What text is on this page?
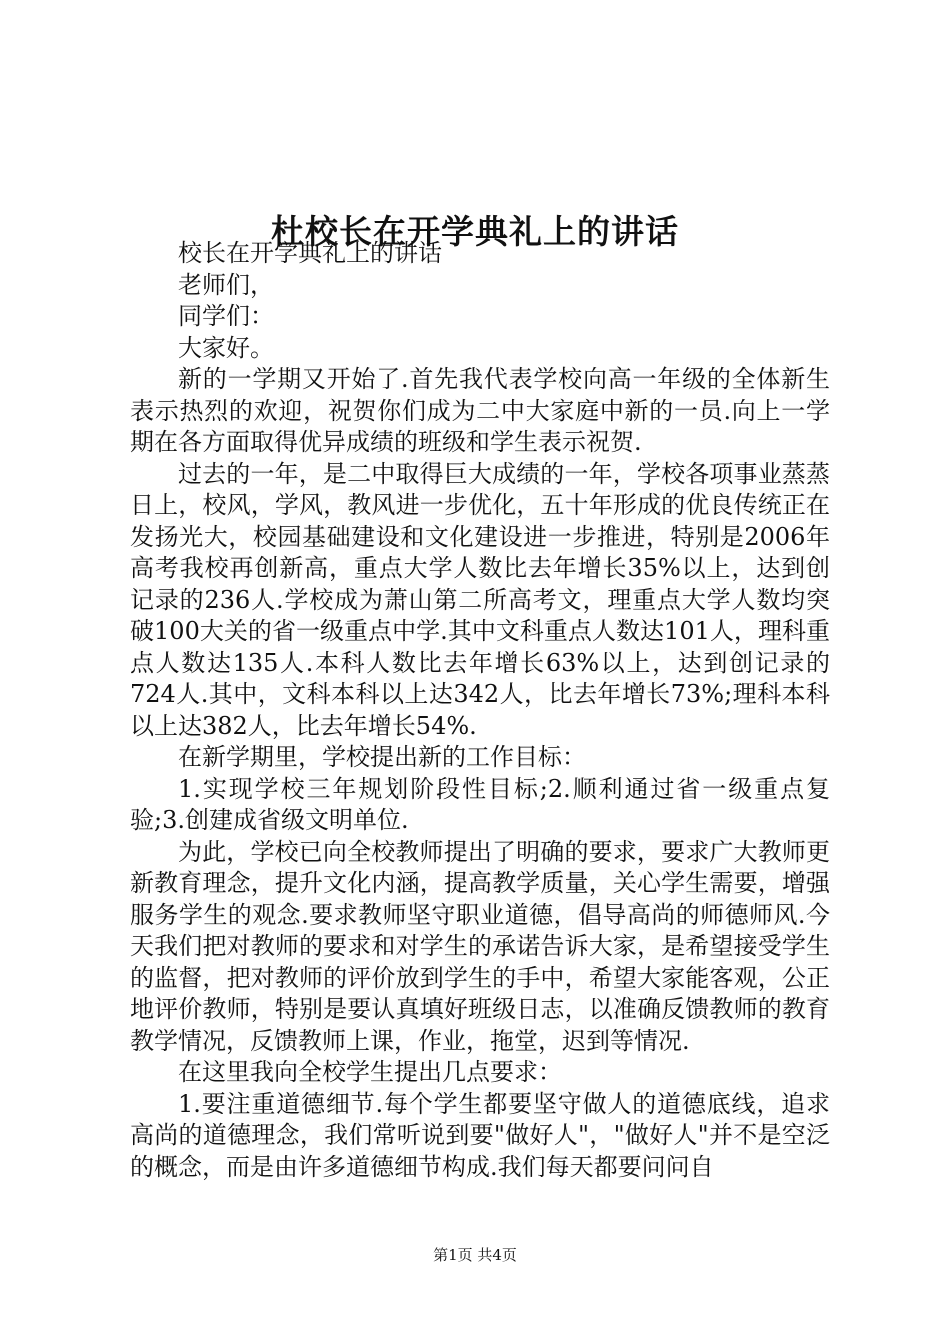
杜校长在开学典礼上的讲话

校长在开学典礼上的讲话

老师们，

同学们：

大家好。

新的一学期又开始了.首先我代表学校向高一年级的全体新生表示热烈的欢迎，祝贺你们成为二中大家庭中新的一员.向上一学期在各方面取得优异成绩的班级和学生表示祝贺.

过去的一年，是二中取得巨大成绩的一年，学校各项事业蒸蒸日上，校风，学风，教风进一步优化，五十年形成的优良传统正在发扬光大，校园基础建设和文化建设进一步推进，特别是2006年高考我校再创新高，重点大学人数比去年增长35%以上，达到创记录的236人.学校成为萧山第二所高考文，理重点大学人数均突破100大关的省一级重点中学.其中文科重点人数达101人，理科重点人数达135人.本科人数比去年增长63%以上，达到创记录的724人.其中，文科本科以上达342人，比去年增长73%;理科本科以上达382人，比去年增长54%.

在新学期里，学校提出新的工作目标：

1.实现学校三年规划阶段性目标;2.顺利通过省一级重点复验;3.创建成省级文明单位.

为此，学校已向全校教师提出了明确的要求，要求广大教师更新教育理念，提升文化内涵，提高教学质量，关心学生需要，增强服务学生的观念.要求教师坚守职业道德，倡导高尚的师德师风.今天我们把对教师的要求和对学生的承诺告诉大家，是希望接受学生的监督，把对教师的评价放到学生的手中，希望大家能客观，公正地评价教师，特别是要认真填好班级日志，以准确反馈教师的教育教学情况，反馈教师上课，作业，拖堂，迟到等情况.

在这里我向全校学生提出几点要求：

1.要注重道德细节.每个学生都要坚守做人的道德底线，追求高尚的道德理念，我们常听说到要"做好人"，"做好人"并不是空泛的概念，而是由许多道德细节构成.我们每天都要问问自

第1页 共4页
